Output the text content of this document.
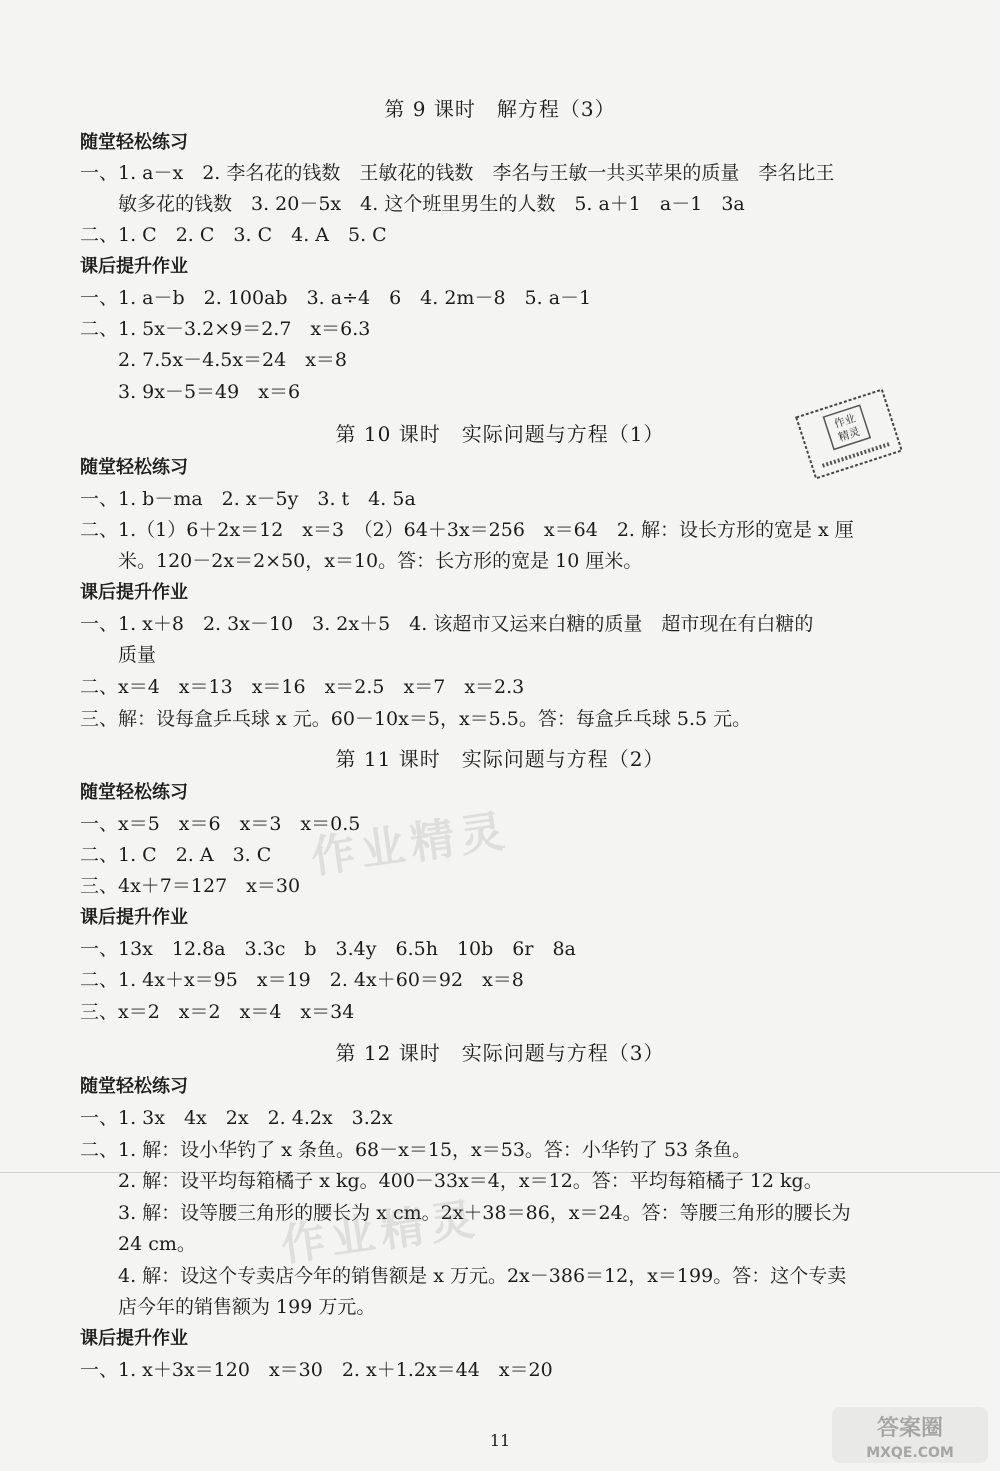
第 9 课时　解方程（3）
随堂轻松练习
一、1. a－x　2. 李名花的钱数　王敏花的钱数　李名与王敏一共买苹果的质量　李名比王
　　敏多花的钱数　3. 20－5x　4. 这个班里男生的人数　5. a＋1　a－1　3a
二、1. C　2. C　3. C　4. A　5. C
课后提升作业
一、1. a－b　2. 100ab　3. a÷4　6　4. 2m－8　5. a－1
二、1. 5x－3.2×9＝2.7　x＝6.3
　　2. 7.5x－4.5x＝24　x＝8
　　3. 9x－5＝49　x＝6
第 10 课时　实际问题与方程（1）
随堂轻松练习
一、1. b－ma　2. x－5y　3. t　4. 5a
二、1.（1）6＋2x＝12　x＝3　（2）64＋3x＝256　x＝64　2. 解：设长方形的宽是 x 厘
　　米。120－2x＝2×50，x＝10。答：长方形的宽是 10 厘米。
课后提升作业
一、1. x＋8　2. 3x－10　3. 2x＋5　4. 该超市又运来白糖的质量　超市现在有白糖的
　　质量
二、x＝4　x＝13　x＝16　x＝2.5　x＝7　x＝2.3
三、解：设每盒乒乓球 x 元。60－10x＝5，x＝5.5。答：每盒乒乓球 5.5 元。
第 11 课时　实际问题与方程（2）
随堂轻松练习
一、x＝5　x＝6　x＝3　x＝0.5
二、1. C　2. A　3. C
三、4x＋7＝127　x＝30
课后提升作业
一、13x　12.8a　3.3c　b　3.4y　6.5h　10b　6r　8a
二、1. 4x＋x＝95　x＝19　2. 4x＋60＝92　x＝8
三、x＝2　x＝2　x＝4　x＝34
第 12 课时　实际问题与方程（3）
随堂轻松练习
一、1. 3x　4x　2x　2. 4.2x　3.2x
二、1. 解：设小华钓了 x 条鱼。68－x＝15，x＝53。答：小华钓了 53 条鱼。
　　2. 解：设平均每箱橘子 x kg。400－33x＝4，x＝12。答：平均每箱橘子 12 kg。
　　3. 解：设等腰三角形的腰长为 x cm。2x＋38＝86，x＝24。答：等腰三角形的腰长为
　　24 cm。
　　4. 解：设这个专卖店今年的销售额是 x 万元。2x－386＝12，x＝199。答：这个专卖
　　店今年的销售额为 199 万元。
课后提升作业
一、1. x＋3x＝120　x＝30　2. x＋1.2x＝44　x＝20
11
作业
精灵
作业精灵
作业精灵
答案圈
MXQE.COM
